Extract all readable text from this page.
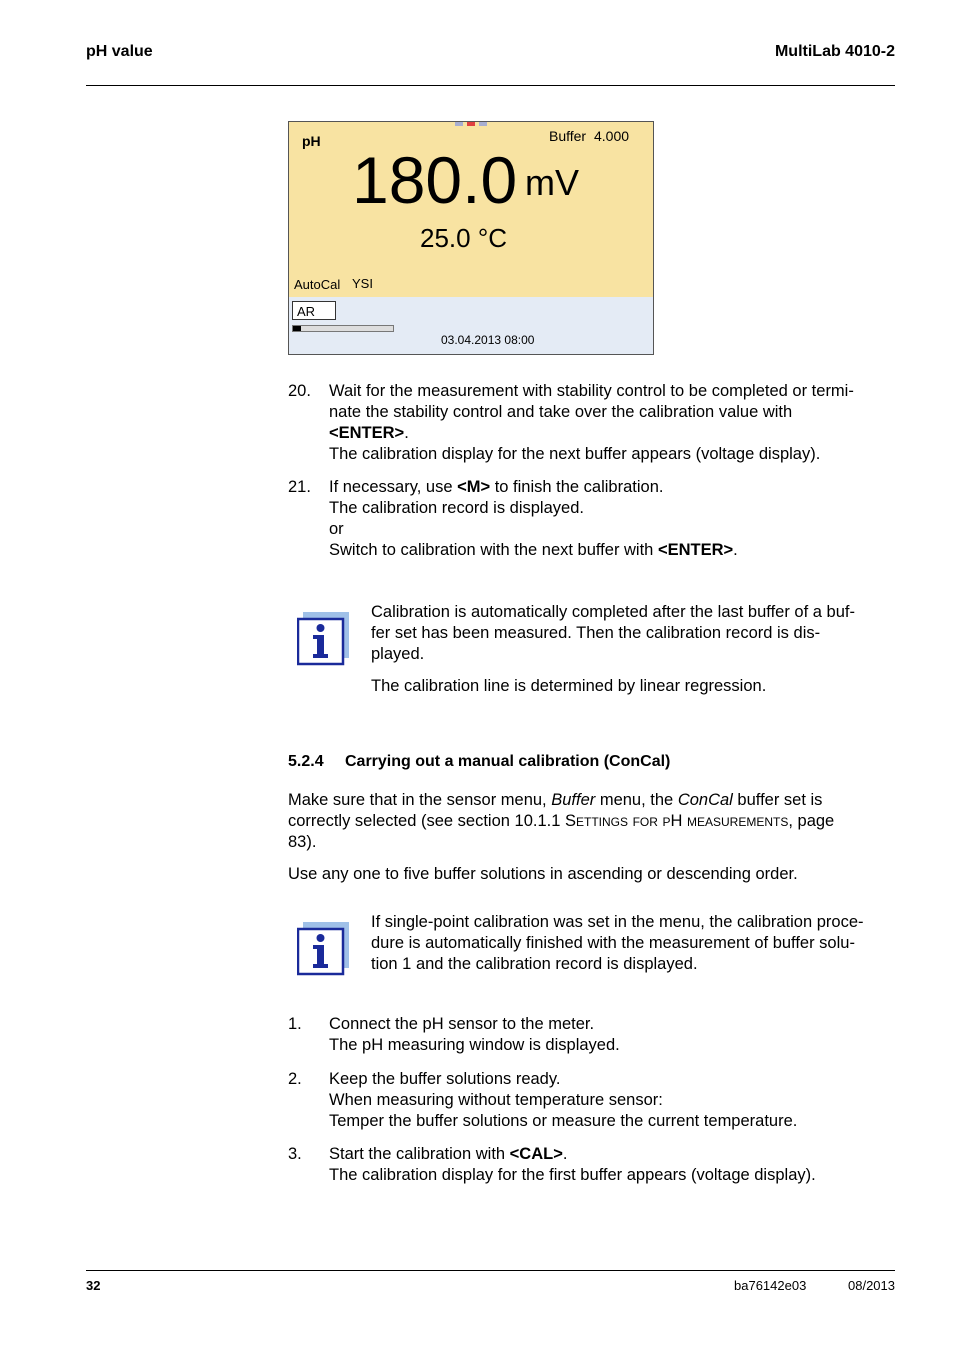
pH value	MultiLab 4010-2
pH	Buffer 4.000
180.0 mV
25.0 °C
AutoCal YSI
AR
03.04.2013 08:00
20. Wait for the measurement with stability control to be completed or termi-
nate the stability control and take over the calibration value with
<ENTER>.
The calibration display for the next buffer appears (voltage display).
21. If necessary, use <M> to finish the calibration.
The calibration record is displayed.
or
Switch to calibration with the next buffer with <ENTER>.
Calibration is automatically completed after the last buffer of a buf-
fer set has been measured. Then the calibration record is dis-
played.
The calibration line is determined by linear regression.
5.2.4 Carrying out a manual calibration (ConCal)
Make sure that in the sensor menu, Buffer menu, the ConCal buffer set is
correctly selected (see section 10.1.1 Settings for pH measurements, page
83).
Use any one to five buffer solutions in ascending or descending order.
If single-point calibration was set in the menu, the calibration proce-
dure is automatically finished with the measurement of buffer solu-
tion 1 and the calibration record is displayed.
1. Connect the pH sensor to the meter.
The pH measuring window is displayed.
2. Keep the buffer solutions ready.
When measuring without temperature sensor:
Temper the buffer solutions or measure the current temperature.
3. Start the calibration with <CAL>.
The calibration display for the first buffer appears (voltage display).
32	ba76142e03	08/2013
